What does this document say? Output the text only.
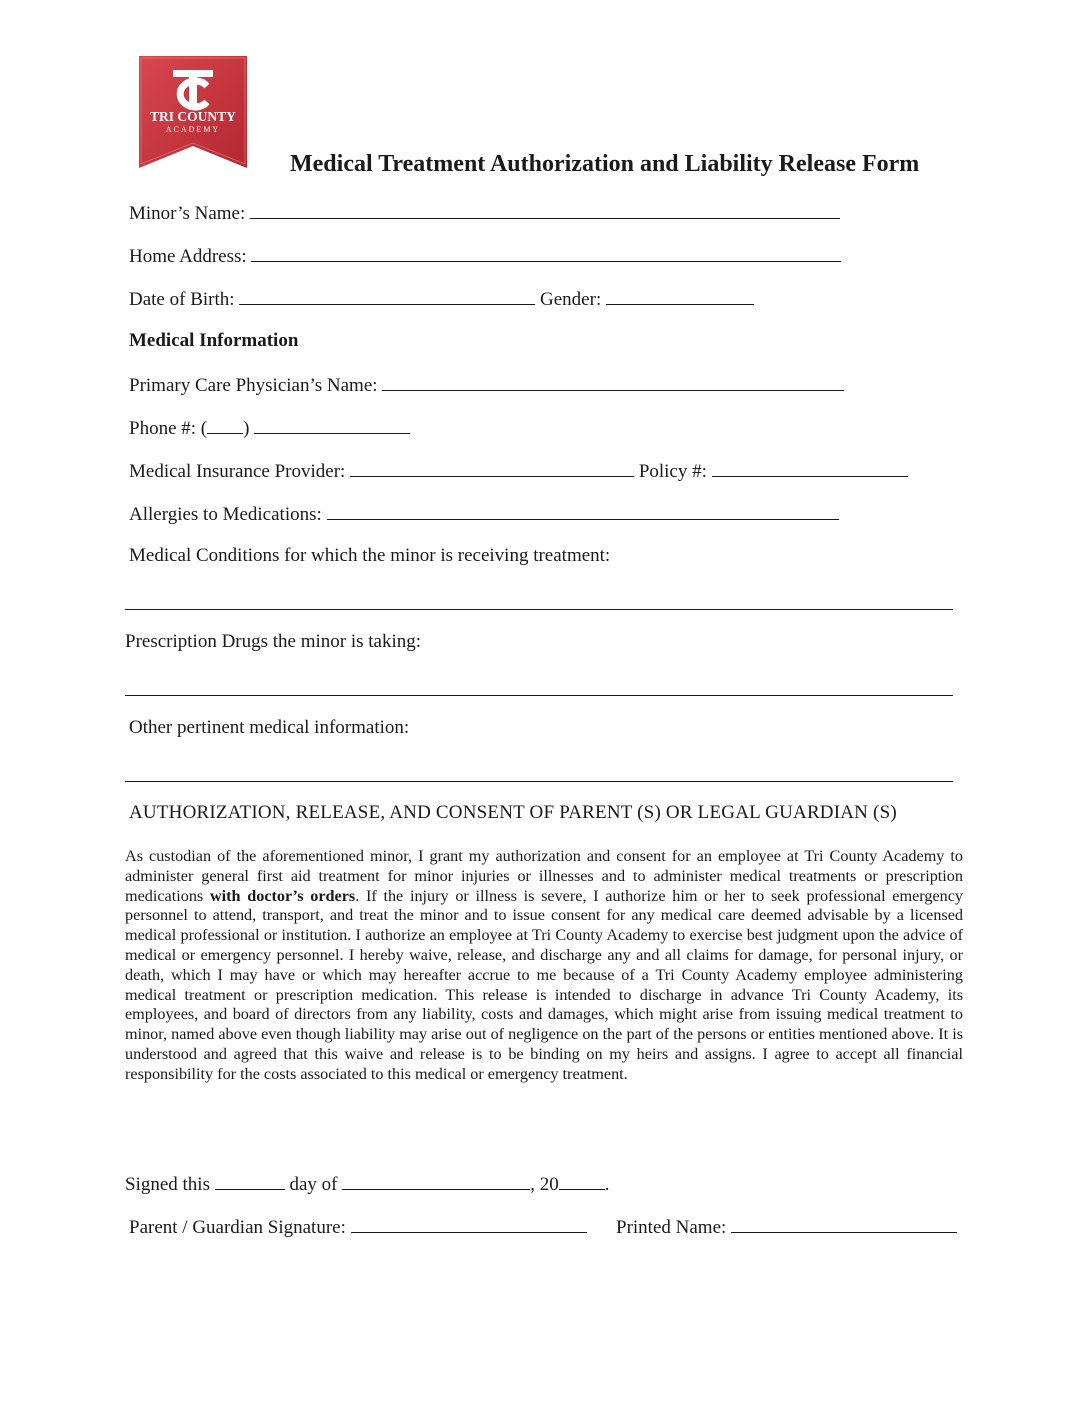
TRI COUNTY
ACADEMY
Medical Treatment Authorization and Liability Release Form
Minor’s Name:
Home Address:
Date of Birth:	Gender:
Medical Information
Primary Care Physician’s Name:
Phone #: ( )
Medical Insurance Provider:	Policy #:
Allergies to Medications:
Medical Conditions for which the minor is receiving treatment:
Prescription Drugs the minor is taking:
Other pertinent medical information:
AUTHORIZATION, RELEASE, AND CONSENT OF PARENT (S) OR LEGAL GUARDIAN (S)
As custodian of the aforementioned minor, I grant my authorization and consent for an employee at Tri County Academy to administer general first aid treatment for minor injuries or illnesses and to administer medical treatments or prescription medications with doctor’s orders. If the injury or illness is severe, I authorize him or her to seek professional emergency personnel to attend, transport, and treat the minor and to issue consent for any medical care deemed advisable by a licensed medical professional or institution. I authorize an employee at Tri County Academy to exercise best judgment upon the advice of medical or emergency personnel. I hereby waive, release, and discharge any and all claims for damage, for personal injury, or death, which I may have or which may hereafter accrue to me because of a Tri County Academy employee administering medical treatment or prescription medication. This release is intended to discharge in advance Tri County Academy, its employees, and board of directors from any liability, costs and damages, which might arise from issuing medical treatment to minor, named above even though liability may arise out of negligence on the part of the persons or entities mentioned above. It is understood and agreed that this waive and release is to be binding on my heirs and assigns. I agree to accept all financial responsibility for the costs associated to this medical or emergency treatment.
Signed this	day of	, 20 .
Parent / Guardian Signature:	Printed Name:
